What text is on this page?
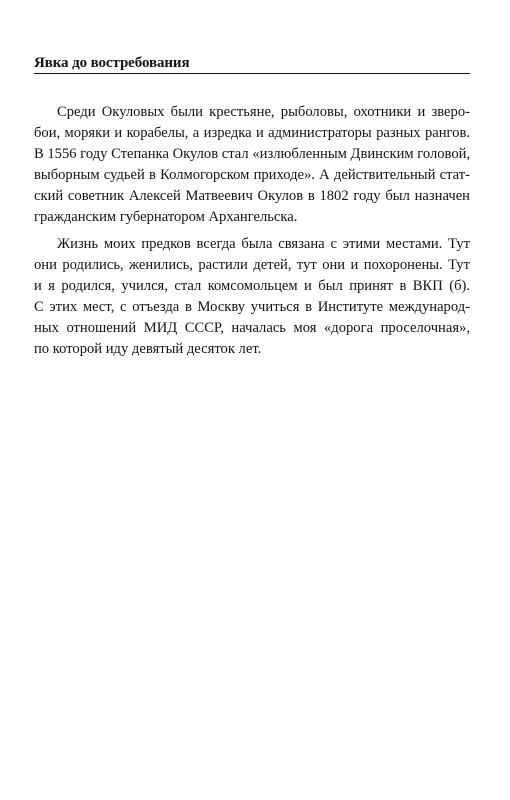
Явка до востребования

Среди Окуловых были крестьяне, рыболовы, охотники и зверо-
бои, моряки и корабелы, а изредка и администраторы разных рангов.
В 1556 году Степанка Окулов стал «излюбленным Двинским головой,
выборным судьей в Колмогорском приходе». А действительный стат-
ский советник Алексей Матвеевич Окулов в 1802 году был назначен
гражданским губернатором Архангельска.

Жизнь моих предков всегда была связана с этими местами. Тут
они родились, женились, растили детей, тут они и похоронены. Тут
и я родился, учился, стал комсомольцем и был принят в ВКП (б).
С этих мест, с отъезда в Москву учиться в Институте международ-
ных отношений МИД СССР, началась моя «дорога проселочная»,
по которой иду девятый десяток лет.
